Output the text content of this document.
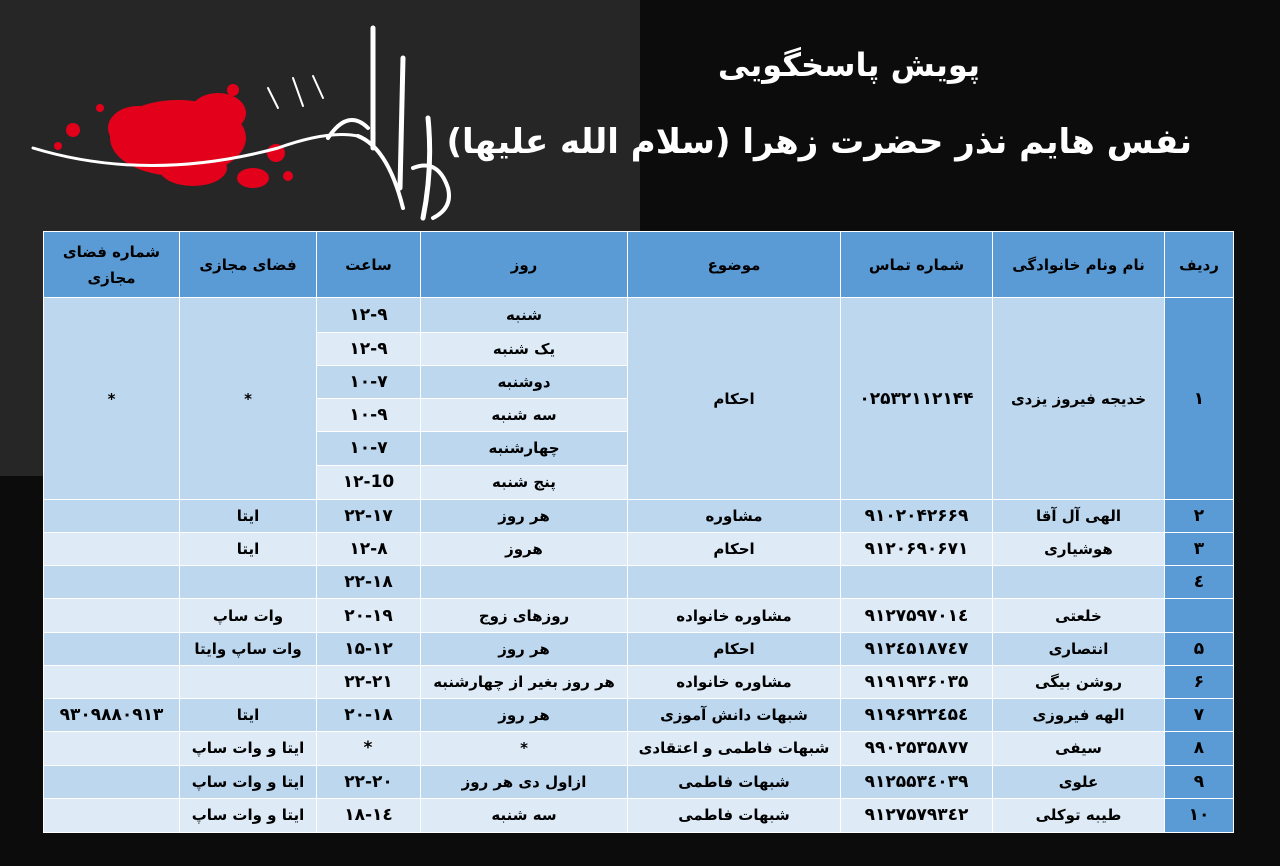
پویش پاسخگویی
نفس هایم نذر حضرت زهرا (سلام الله علیها)
ردیف	نام ونام خانوادگی	شماره تماس	موضوع	روز	ساعت	فضای مجازی	شماره فضای مجازی
۱	خدیجه فیروز یزدی	۰۲۵۳۲۱۱۲۱۴۴	احکام	شنبه	۱۲-۹	*	*
				یک شنبه	۱۲-۹		
				دوشنبه	۱۰-۷		
				سه شنبه	۱۰-۹		
				چهارشنبه	۱۰-۷		
				پنج شنبه	۱۲-10		
۲	الهی آل آقا	۹۱۰۲۰۴۲۶۶۹	مشاوره	هر روز	۲۲-۱۷	ایتا	
۳	هوشیاری	۹۱۲۰۶۹۰۶۷۱	احکام	هروز	۱۲-۸	ایتا	
٤					۲۲-۱۸		
	خلعتی	۹۱۲۷۵۹۷۰۱٤	مشاوره خانواده	روزهای زوج	۲۰-۱۹	وات ساپ	
۵	انتصاری	۹۱۲٤۵۱۸۷٤۷	احکام	هر روز	۱۵-۱۲	وات ساپ وایتا	
۶	روشن بیگی	۹۱۹۱۹۳۶۰۳۵	مشاوره خانواده	هر روز بغیر از چهارشنبه	۲۲-۲۱		
۷	الهه فیروزی	۹۱۹۶۹۲۲٤۵٤	شبهات دانش آموزی	هر روز	۲۰-۱۸	ایتا	۹۳۰۹۸۸۰۹۱۳
۸	سیفی	۹۹۰۲۵۳۵۸۷۷	شبهات فاطمی و اعتقادی	*	*	ایتا و وات ساپ	
۹	علوی	۹۱۲۵۵۳٤۰۳۹	شبهات فاطمی	ازاول دی هر روز	۲۲-۲۰	ایتا و وات ساپ	
۱۰	طیبه توکلی	۹۱۲۷۵۷۹۳٤۲	شبهات فاطمی	سه شنبه	۱۸-۱٤	ایتا و وات ساپ	
